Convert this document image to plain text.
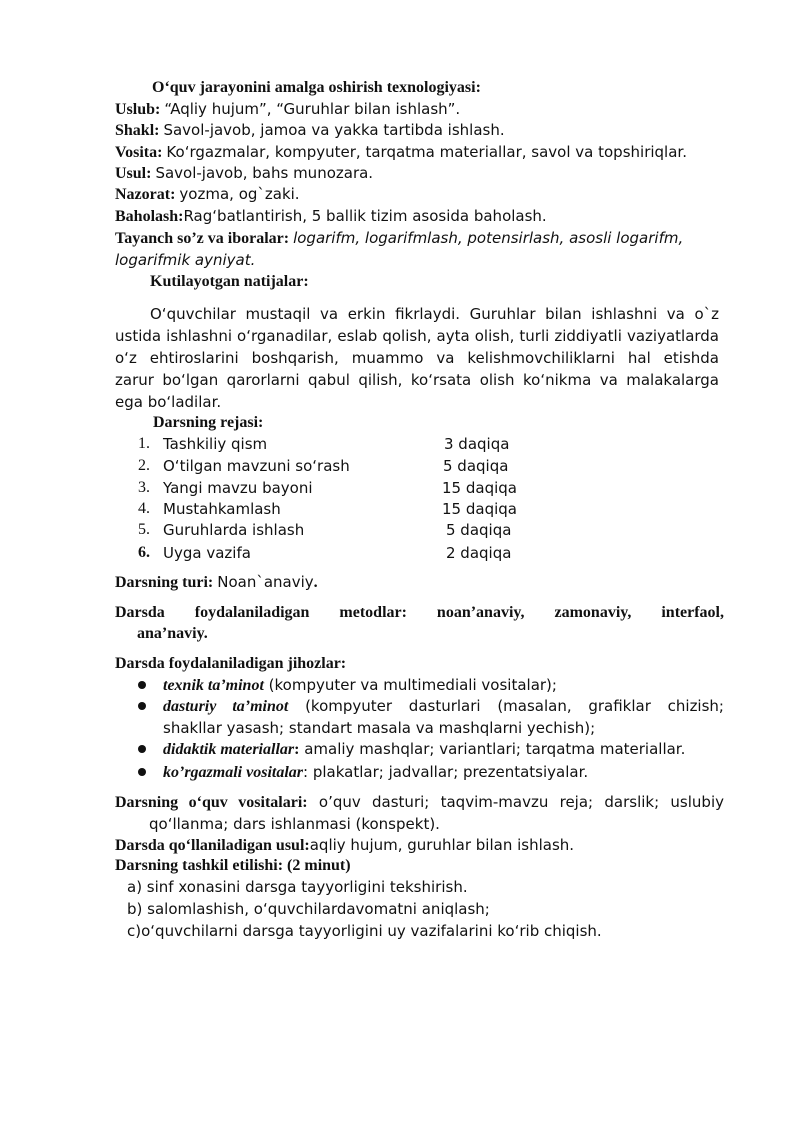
O‘quv jarayonini amalga oshirish texnologiyasi:
Uslub: “Aqliy hujum”, “Guruhlar bilan ishlash”.
Shakl: Savol-javob, jamoa va yakka tartibda ishlash.
Vosita: Ko‘rgazmalar, kompyuter, tarqatma materiallar, savol va topshiriqlar.
Usul: Savol-javob, bahs munozara.
Nazorat: yozma, og`zaki.
Baholash:Rag‘batlantirish, 5 ballik tizim asosida baholash.
Tayanch so’z va iboralar: logarifm, logarifmlash, potensirlash, asosli logarifm,
logarifmik ayniyat.
Kutilayotgan natijalar:
O‘quvchilar mustaqil va erkin fikrlaydi. Guruhlar bilan ishlashni va o`z
ustida ishlashni o‘rganadilar, eslab qolish, ayta olish, turli ziddiyatli vaziyatlarda
o‘z ehtiroslarini boshqarish, muammo va kelishmovchiliklarni hal etishda
zarur bo‘lgan qarorlarni qabul qilish, ko‘rsata olish ko‘nikma va malakalarga
ega bo‘ladilar.
Darsning rejasi:
1. Tashkiliy qism	3 daqiqa
2. O‘tilgan mavzuni so‘rash	5 daqiqa
3. Yangi mavzu bayoni	15 daqiqa
4. Mustahkamlash	15 daqiqa
5. Guruhlarda ishlash	5 daqiqa
6. Uyga vazifa	2 daqiqa
Darsning turi: Noan`anaviy.
Darsda foydalaniladigan metodlar: noan’anaviy, zamonaviy, interfaol,
ana’naviy.
Darsda foydalaniladigan jihozlar:
texnik ta’minot (kompyuter va multimediali vositalar);
dasturiy ta’minot (kompyuter dasturlari (masalan, grafiklar chizish;
shakllar yasash; standart masala va mashqlarni yechish);
didaktik materiallar: amaliy mashqlar; variantlari; tarqatma materiallar.
ko’rgazmali vositalar: plakatlar; jadvallar; prezentatsiyalar.
Darsning o‘quv vositalari: o’quv dasturi; taqvim-mavzu reja; darslik; uslubiy
qo‘llanma; dars ishlanmasi (konspekt).
Darsda qo‘llaniladigan usul:aqliy hujum, guruhlar bilan ishlash.
Darsning tashkil etilishi: (2 minut)
a) sinf xonasini darsga tayyorligini tekshirish.
b) salomlashish, o‘quvchilardavomatni aniqlash;
c)o‘quvchilarni darsga tayyorligini uy vazifalarini ko‘rib chiqish.
